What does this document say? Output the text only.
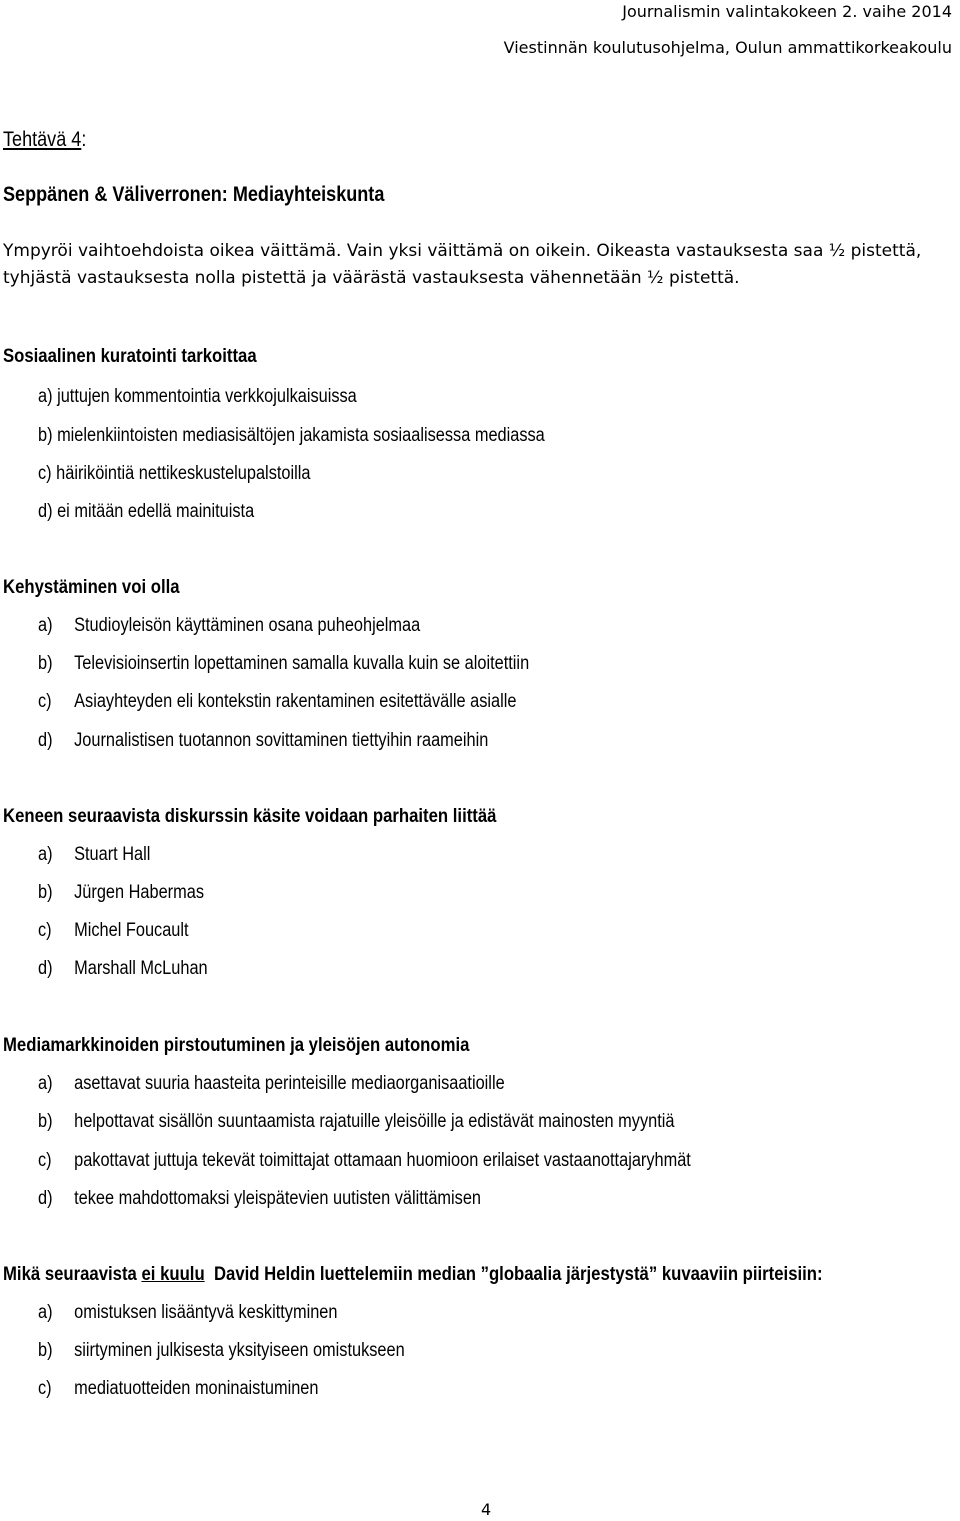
Journalismin valintakokeen 2. vaihe 2014
Viestinnän koulutusohjelma, Oulun ammattikorkeakoulu
Tehtävä 4:
Seppänen & Väliverronen: Mediayhteiskunta
Ympyröi vaihtoehdoista oikea väittämä. Vain yksi väittämä on oikein. Oikeasta vastauksesta saa ½ pistettä,
tyhjästä vastauksesta nolla pistettä ja väärästä vastauksesta vähennetään ½ pistettä.
Sosiaalinen kuratointi tarkoittaa
a) juttujen kommentointia verkkojulkaisuissa
b) mielenkiintoisten mediasisältöjen jakamista sosiaalisessa mediassa
c) häiriköintiä nettikeskustelupalstoilla
d) ei mitään edellä mainituista
Kehystäminen voi olla
a) Studioyleisön käyttäminen osana puheohjelmaa
b) Televisioinsertin lopettaminen samalla kuvalla kuin se aloitettiin
c) Asiayhteyden eli kontekstin rakentaminen esitettävälle asialle
d) Journalistisen tuotannon sovittaminen tiettyihin raameihin
Keneen seuraavista diskurssin käsite voidaan parhaiten liittää
a) Stuart Hall
b) Jürgen Habermas
c) Michel Foucault
d) Marshall McLuhan
Mediamarkkinoiden pirstoutuminen ja yleisöjen autonomia
a) asettavat suuria haasteita perinteisille mediaorganisaatioille
b) helpottavat sisällön suuntaamista rajatuille yleisöille ja edistävät mainosten myyntiä
c) pakottavat juttuja tekevät toimittajat ottamaan huomioon erilaiset vastaanottajaryhmät
d) tekee mahdottomaksi yleispätevien uutisten välittämisen
Mikä seuraavista ei kuulu  David Heldin luettelemiin median ”globaalia järjestystä” kuvaaviin piirteisiin:
a) omistuksen lisääntyvä keskittyminen
b) siirtyminen julkisesta yksityiseen omistukseen
c) mediatuotteiden moninaistuminen
4
